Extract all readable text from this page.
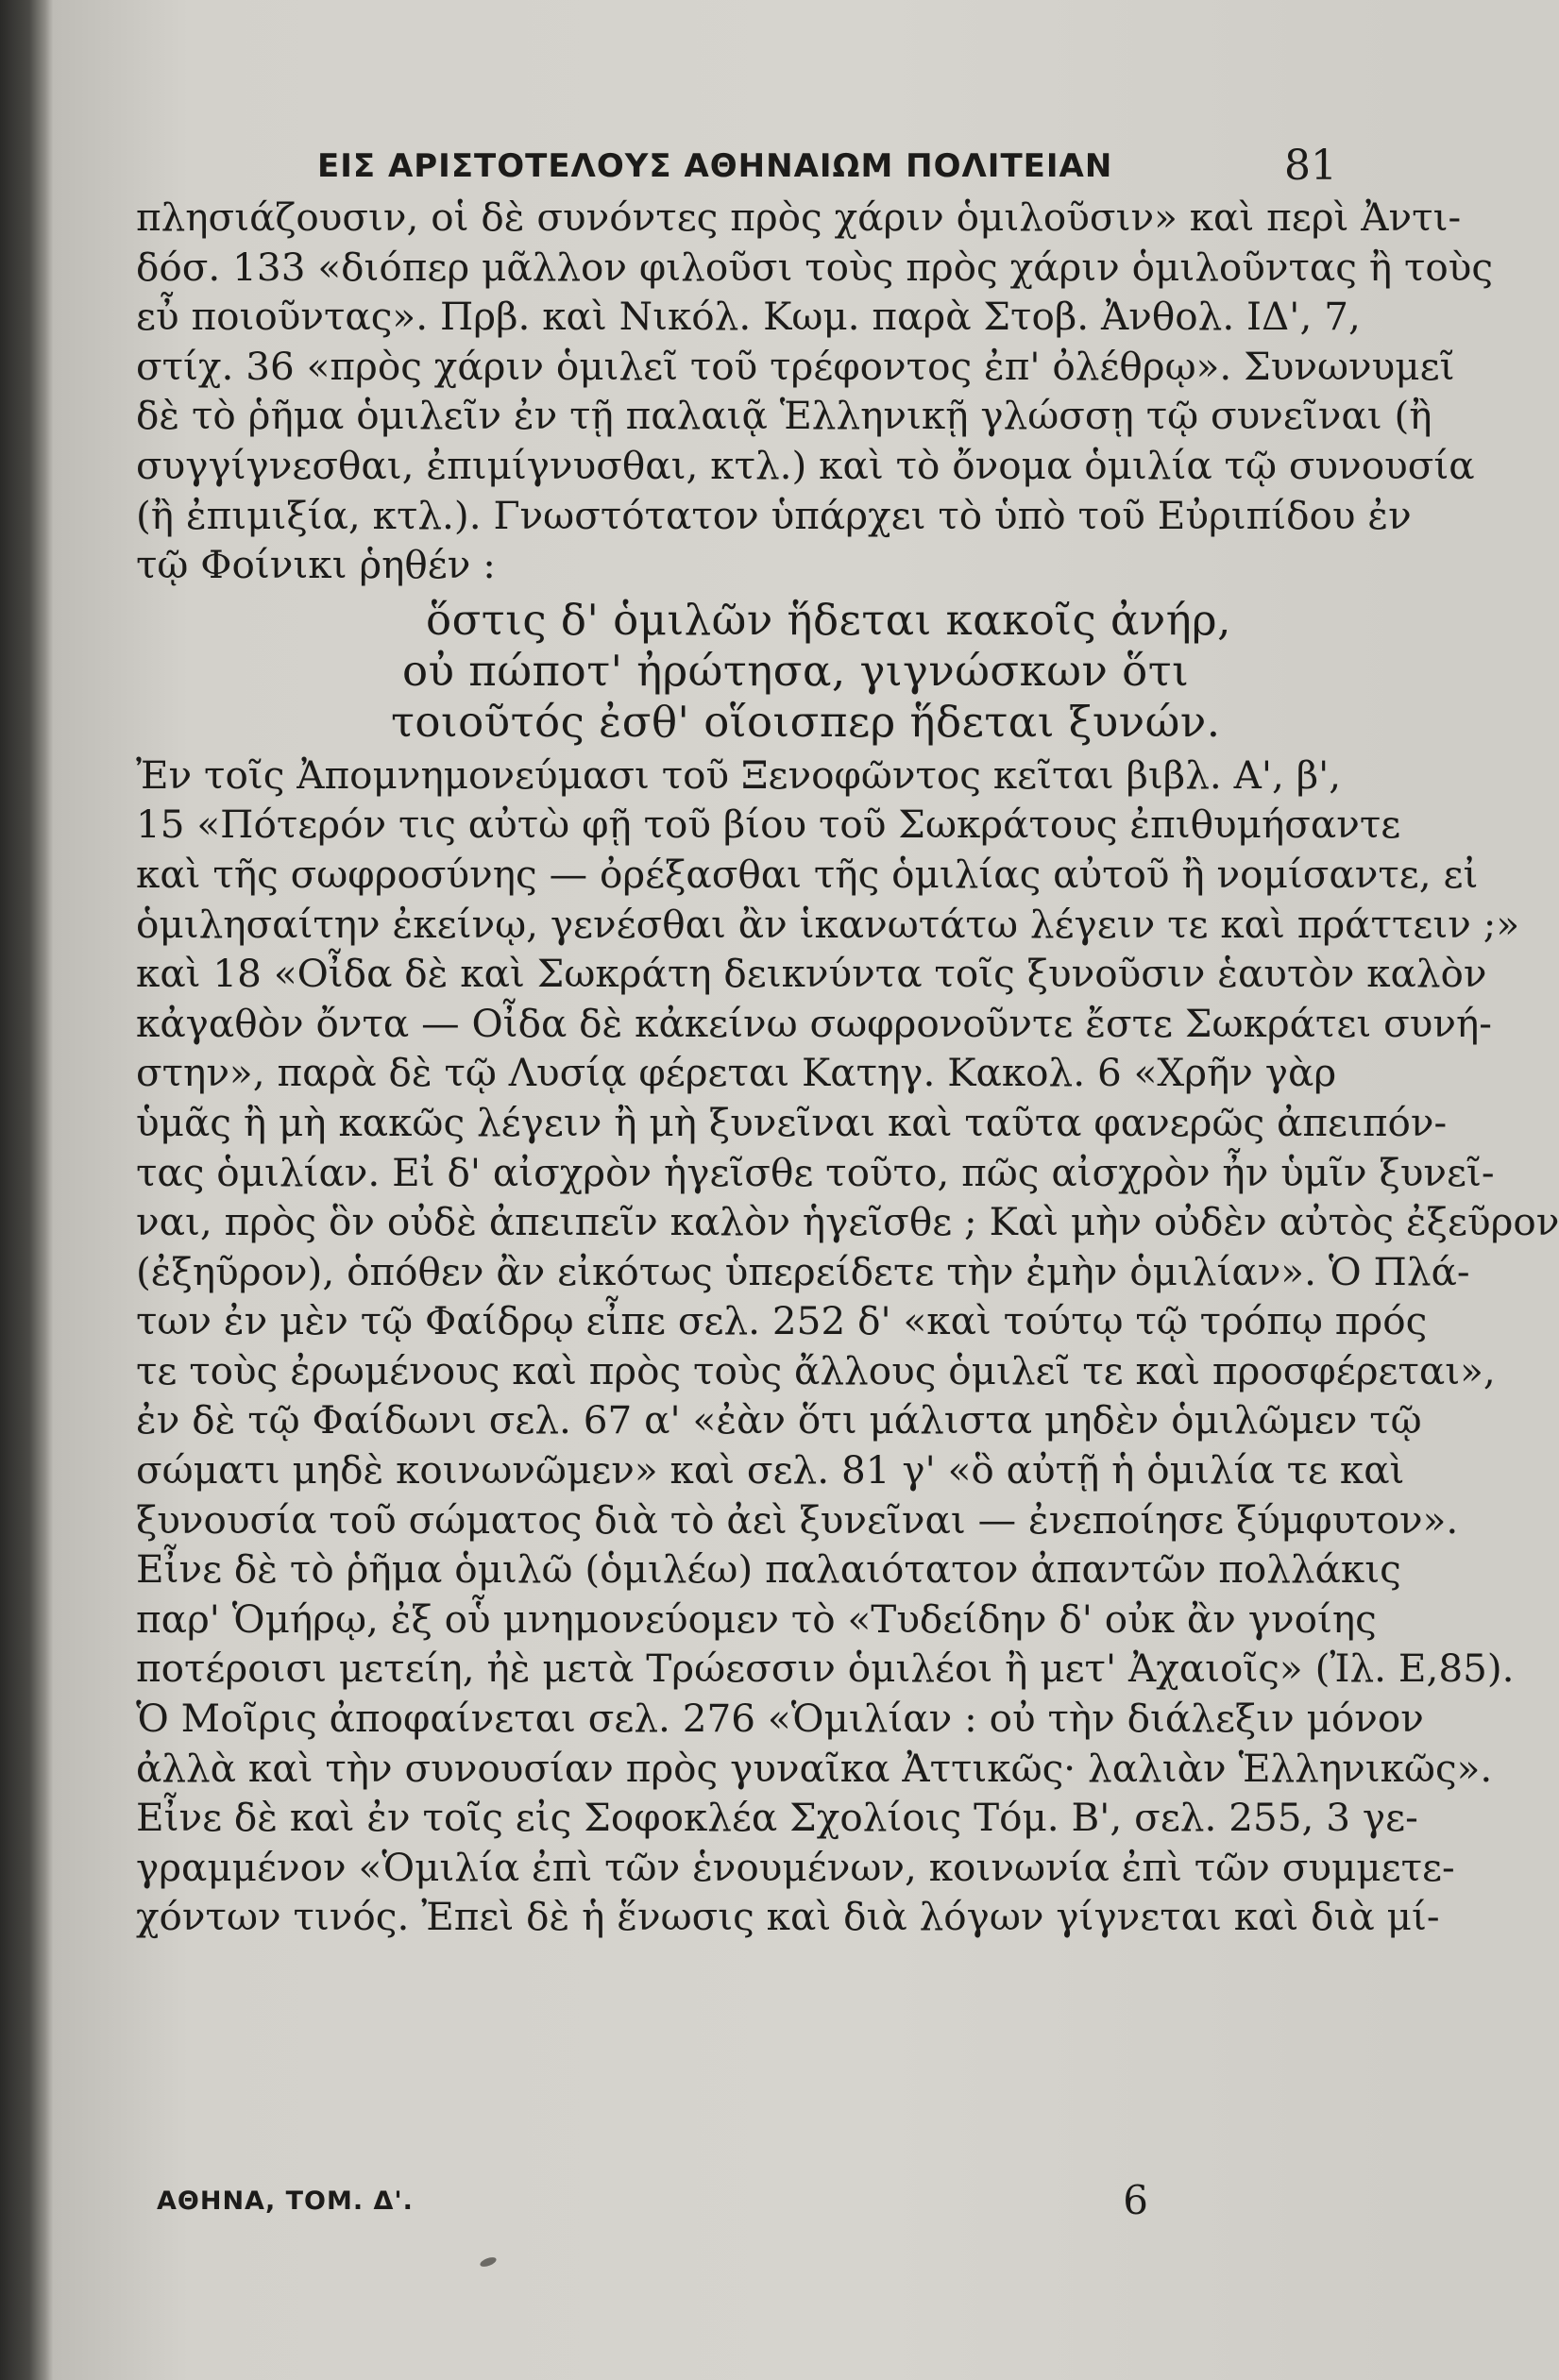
ΕΙΣ ΑΡΙΣΤΟΤΕΛΟΥΣ ΑΘΗΝΑΙΩΜ ΠΟΛΙΤΕΙΑΝ	81
πλησιάζουσιν, οἱ δὲ συνόντες πρὸς χάριν ὁμιλοῦσιν» καὶ περὶ Ἀντι-
δόσ. 133 «διόπερ μᾶλλον φιλοῦσι τοὺς πρὸς χάριν ὁμιλοῦντας ἢ τοὺς
εὖ ποιοῦντας». Πρβ. καὶ Νικόλ. Κωμ. παρὰ Στοβ. Ἀνθολ. ΙΔ', 7,
στίχ. 36 «πρὸς χάριν ὁμιλεῖ τοῦ τρέφοντος ἐπ' ὀλέθρῳ». Συνωνυμεῖ
δὲ τὸ ῥῆμα ὁμιλεῖν ἐν τῇ παλαιᾷ Ἑλληνικῇ γλώσσῃ τῷ συνεῖναι (ἢ
συγγίγνεσθαι, ἐπιμίγνυσθαι, κτλ.) καὶ τὸ ὄνομα ὁμιλία τῷ συνουσία
(ἢ ἐπιμιξία, κτλ.). Γνωστότατον ὑπάρχει τὸ ὑπὸ τοῦ Εὐριπίδου ἐν
τῷ Φοίνικι ῥηθέν :
ὅστις δ' ὁμιλῶν ἥδεται κακοῖς ἀνήρ,
οὐ πώποτ' ἠρώτησα, γιγνώσκων ὅτι
τοιοῦτός ἐσθ' οἵοισπερ ἥδεται ξυνών.
Ἐν τοῖς Ἀπομνημονεύμασι τοῦ Ξενοφῶντος κεῖται βιβλ. Α', β',
15 «Πότερόν τις αὐτὼ φῇ τοῦ βίου τοῦ Σωκράτους ἐπιθυμήσαντε
καὶ τῆς σωφροσύνης — ὀρέξασθαι τῆς ὁμιλίας αὐτοῦ ἢ νομίσαντε, εἰ
ὁμιλησαίτην ἐκείνῳ, γενέσθαι ἂν ἱκανωτάτω λέγειν τε καὶ πράττειν ;»
καὶ 18 «Οἶδα δὲ καὶ Σωκράτη δεικνύντα τοῖς ξυνοῦσιν ἑαυτὸν καλὸν
κἀγαθὸν ὄντα — Οἶδα δὲ κἀκείνω σωφρονοῦντε ἔστε Σωκράτει συνή-
στην», παρὰ δὲ τῷ Λυσίᾳ φέρεται Κατηγ. Κακολ. 6 «Χρῆν γὰρ
ὑμᾶς ἢ μὴ κακῶς λέγειν ἢ μὴ ξυνεῖναι καὶ ταῦτα φανερῶς ἀπειπόν-
τας ὁμιλίαν. Εἰ δ' αἰσχρὸν ἡγεῖσθε τοῦτο, πῶς αἰσχρὸν ἦν ὑμῖν ξυνεῖ-
ναι, πρὸς ὃν οὐδὲ ἀπειπεῖν καλὸν ἡγεῖσθε ; Καὶ μὴν οὐδὲν αὐτὸς ἐξεῦρον
(ἐξηῦρον), ὁπόθεν ἂν εἰκότως ὑπερείδετε τὴν ἐμὴν ὁμιλίαν». Ὁ Πλά-
των ἐν μὲν τῷ Φαίδρῳ εἶπε σελ. 252 δ' «καὶ τούτῳ τῷ τρόπῳ πρός
τε τοὺς ἐρωμένους καὶ πρὸς τοὺς ἄλλους ὁμιλεῖ τε καὶ προσφέρεται»,
ἐν δὲ τῷ Φαίδωνι σελ. 67 α' «ἐὰν ὅτι μάλιστα μηδὲν ὁμιλῶμεν τῷ
σώματι μηδὲ κοινωνῶμεν» καὶ σελ. 81 γ' «ὃ αὐτῇ ἡ ὁμιλία τε καὶ
ξυνουσία τοῦ σώματος διὰ τὸ ἀεὶ ξυνεῖναι — ἐνεποίησε ξύμφυτον».
Εἶνε δὲ τὸ ῥῆμα ὁμιλῶ (ὁμιλέω) παλαιότατον ἀπαντῶν πολλάκις
παρ' Ὁμήρῳ, ἐξ οὗ μνημονεύομεν τὸ «Τυδείδην δ' οὐκ ἂν γνοίης
ποτέροισι μετείη, ἠὲ μετὰ Τρώεσσιν ὁμιλέοι ἢ μετ' Ἀχαιοῖς» (Ἰλ. Ε,85).
Ὁ Μοῖρις ἀποφαίνεται σελ. 276 «Ὁμιλίαν : οὐ τὴν διάλεξιν μόνον
ἀλλὰ καὶ τὴν συνουσίαν πρὸς γυναῖκα Ἀττικῶς· λαλιὰν Ἑλληνικῶς».
Εἶνε δὲ καὶ ἐν τοῖς εἰς Σοφοκλέα Σχολίοις Τόμ. Β', σελ. 255, 3 γε-
γραμμένον «Ὁμιλία ἐπὶ τῶν ἑνουμένων, κοινωνία ἐπὶ τῶν συμμετε-
χόντων τινός. Ἐπεὶ δὲ ἡ ἕνωσις καὶ διὰ λόγων γίγνεται καὶ διὰ μί-
ΑΘΗΝΑ, ΤΟΜ. Δ'.	6
